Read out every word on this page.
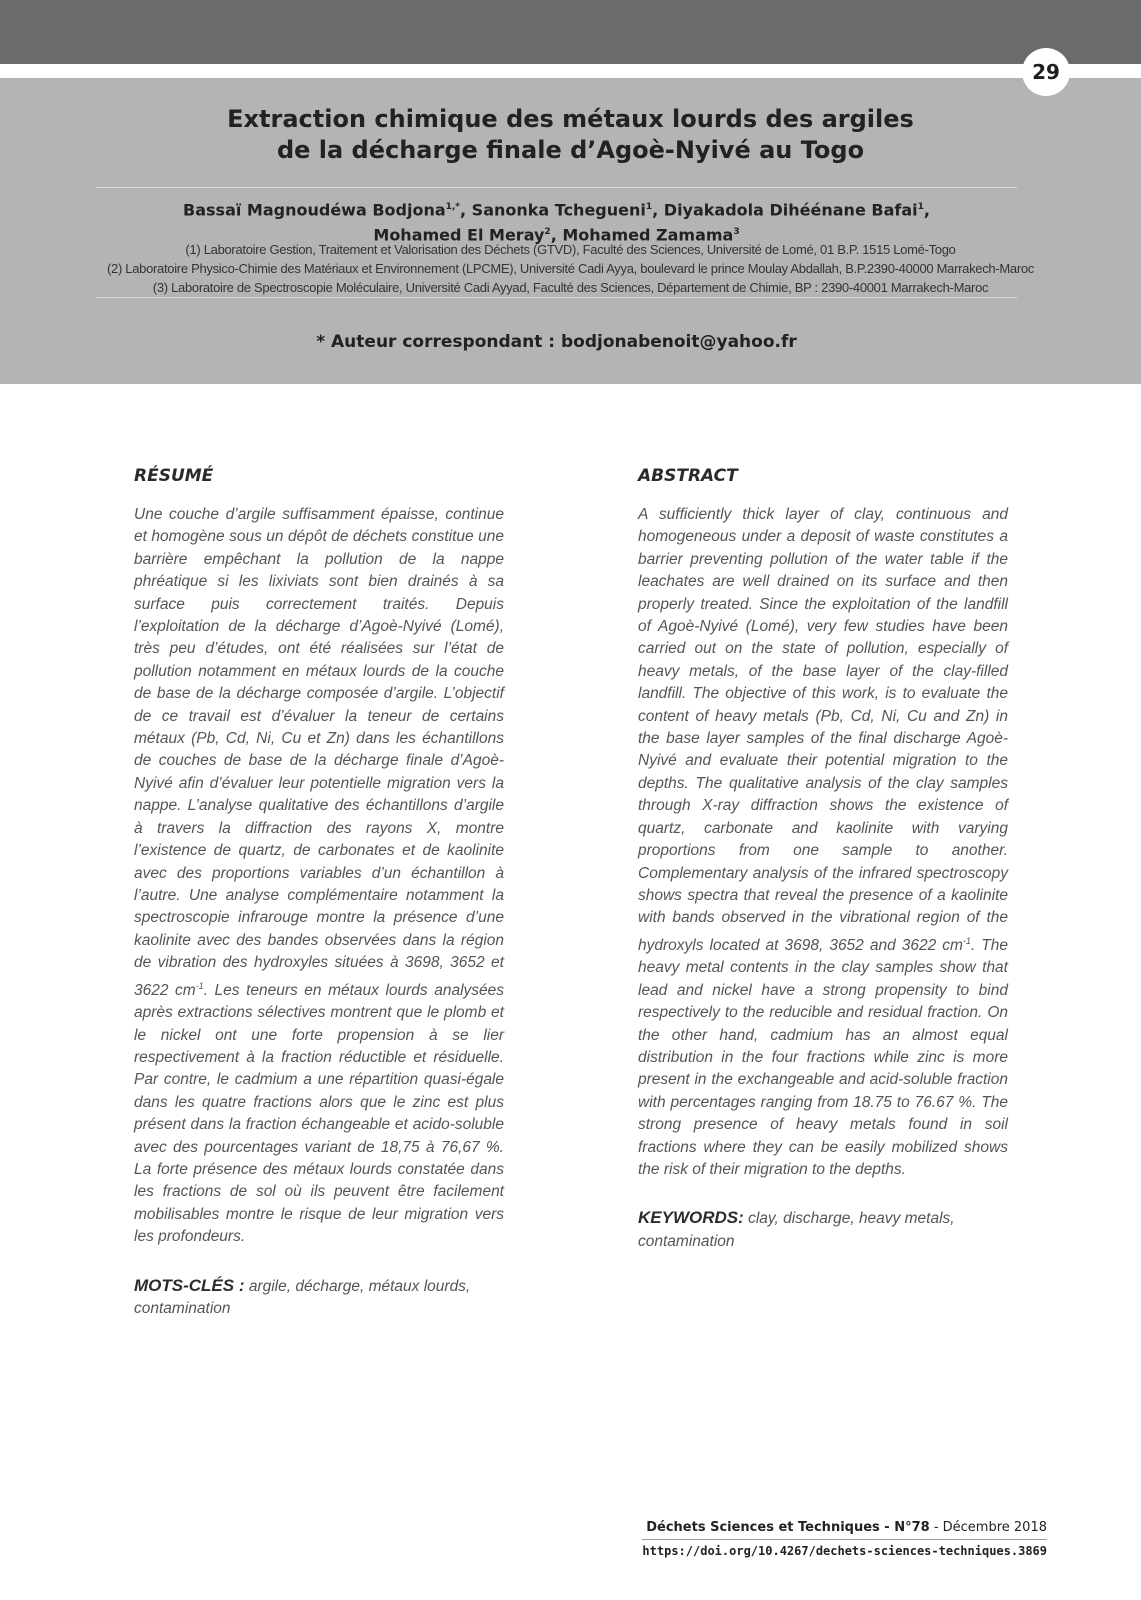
29
Extraction chimique des métaux lourds des argiles
de la décharge finale d’Agoè-Nyivé au Togo
Bassaï Magnoudéwa Bodjona$^{1,*}$, Sanonka Tchegueni$^1$, Diyakadola Dihéénane Bafai$^1$,
Mohamed El Meray$^2$, Mohamed Zamama$^3$
(1) Laboratoire Gestion, Traitement et Valorisation des Déchets (GTVD), Faculté des Sciences, Université de Lomé, 01 B.P. 1515 Lomé-Togo
(2) Laboratoire Physico-Chimie des Matériaux et Environnement (LPCME), Université Cadi Ayya, boulevard le prince Moulay Abdallah, B.P.2390-40000 Marrakech-Maroc
(3) Laboratoire de Spectroscopie Moléculaire, Université Cadi Ayyad, Faculté des Sciences, Département de Chimie, BP : 2390-40001 Marrakech-Maroc
* Auteur correspondant : bodjonabenoit@yahoo.fr
RÉSUMÉ

Une couche d’argile suffisamment épaisse, continue et homogène sous un dépôt de déchets constitue une barrière empêchant la pollution de la nappe phréatique si les lixiviats sont bien drainés à sa surface puis correctement traités. Depuis l’exploitation de la décharge d’Agoè-Nyivé (Lomé), très peu d’études, ont été réalisées sur l’état de pollution notamment en métaux lourds de la couche de base de la décharge composée d’argile. L’objectif de ce travail est d’évaluer la teneur de certains métaux (Pb, Cd, Ni, Cu et Zn) dans les échantillons de couches de base de la décharge finale d’Agoè-Nyivé afin d’évaluer leur potentielle migration vers la nappe. L’analyse qualitative des échantillons d’argile à travers la diffraction des rayons X, montre l’existence de quartz, de carbonates et de kaolinite avec des proportions variables d’un échantillon à l’autre. Une analyse complémentaire notamment la spectroscopie infrarouge montre la présence d’une kaolinite avec des bandes observées dans la région de vibration des hydroxyles situées à 3698, 3652 et 3622 $cm^{-1}$. Les teneurs en métaux lourds analysées après extractions sélectives montrent que le plomb et le nickel ont une forte propension à se lier respectivement à la fraction réductible et résiduelle. Par contre, le cadmium a une répartition quasi-égale dans les quatre fractions alors que le zinc est plus présent dans la fraction échangeable et acido-soluble avec des pourcentages variant de 18,75 à 76,67 %. La forte présence des métaux lourds constatée dans les fractions de sol où ils peuvent être facilement mobilisables montre le risque de leur migration vers les profondeurs.

MOTS-CLÉS : argile, décharge, métaux lourds, contamination

ABSTRACT

A sufficiently thick layer of clay, continuous and homogeneous under a deposit of waste constitutes a barrier preventing pollution of the water table if the leachates are well drained on its surface and then properly treated. Since the exploitation of the landfill of Agoè-Nyivé (Lomé), very few studies have been carried out on the state of pollution, especially of heavy metals, of the base layer of the clay-filled landfill. The objective of this work, is to evaluate the content of heavy metals (Pb, Cd, Ni, Cu and Zn) in the base layer samples of the final discharge Agoè-Nyivé and evaluate their potential migration to the depths. The qualitative analysis of the clay samples through X-ray diffraction shows the existence of quartz, carbonate and kaolinite with varying proportions from one sample to another. Complementary analysis of the infrared spectroscopy shows spectra that reveal the presence of a kaolinite with bands observed in the vibrational region of the hydroxyls located at 3698, 3652 and 3622 $cm^{-1}$. The heavy metal contents in the clay samples show that lead and nickel have a strong propensity to bind respectively to the reducible and residual fraction. On the other hand, cadmium has an almost equal distribution in the four fractions while zinc is more present in the exchangeable and acid-soluble fraction with percentages ranging from 18.75 to 76.67 %. The strong presence of heavy metals found in soil fractions where they can be easily mobilized shows the risk of their migration to the depths.

KEYWORDS: clay, discharge, heavy metals, contamination

Déchets Sciences et Techniques - N°78 - Décembre 2018
https://doi.org/10.4267/dechets-sciences-techniques.3869
